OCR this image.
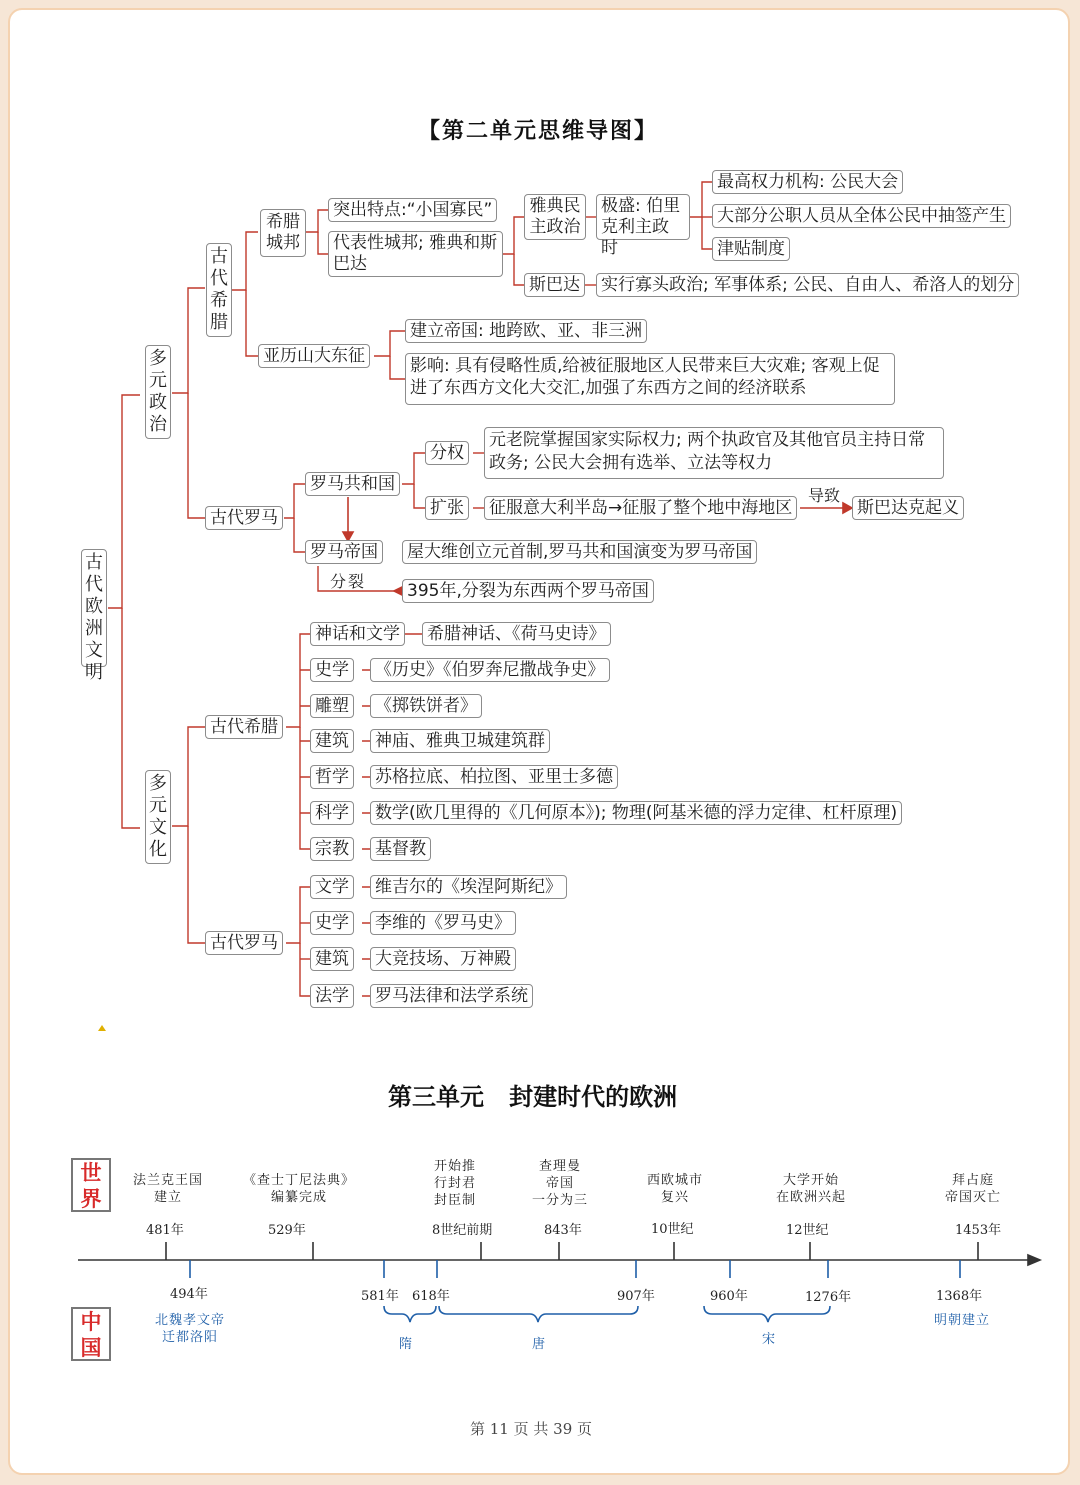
【第二单元思维导图】
古代欧洲文明
多元政治
多元文化
古代希腊
希腊城邦
突出特点:“小国寡民”
代表性城邦; 雅典和斯巴达
雅典民主政治
极盛: 伯里克利主政时
最高权力机构: 公民大会
大部分公职人员从全体公民中抽签产生
津贴制度
斯巴达 实行寡头政治; 军事体系; 公民、自由人、希洛人的划分
亚历山大东征
建立帝国: 地跨欧、亚、非三洲
影响: 具有侵略性质,给被征服地区人民带来巨大灾难; 客观上促进了东西方文化大交汇,加强了东西方之间的经济联系
古代罗马
罗马共和国
分权
元老院掌握国家实际权力; 两个执政官及其他官员主持日常政务; 公民大会拥有选举、立法等权力
扩张 征服意大利半岛→征服了整个地中海地区
导致
斯巴达克起义
罗马帝国 屋大维创立元首制,罗马共和国演变为罗马帝国
分裂 395年,分裂为东西两个罗马帝国
古代希腊
古代罗马
神话和文学 希腊神话、《荷马史诗》
史学 《历史》《伯罗奔尼撒战争史》
雕塑 《掷铁饼者》
建筑 神庙、雅典卫城建筑群
哲学 苏格拉底、柏拉图、亚里士多德
科学 数学(欧几里得的《几何原本》); 物理(阿基米德的浮力定律、杠杆原理)
宗教 基督教
文学 维吉尔的《埃涅阿斯纪》
史学 李维的《罗马史》
建筑 大竞技场、万神殿
法学 罗马法律和法学系统
第三单元   封建时代的欧洲
世界
中国
法兰克王国
建立
481年
《查士丁尼法典》
编纂完成
529年
开始推
行封君
封臣制
8世纪前期
查理曼
帝国
一分为三
843年
西欧城市
复兴
10世纪
大学开始
在欧洲兴起
12世纪
拜占庭
帝国灭亡
1453年
494年	581年 618年	907年	960年	1276年	1368年
北魏孝文帝
迁都洛阳
明朝建立
隋	唐	宋
第 11 页 共 39 页
